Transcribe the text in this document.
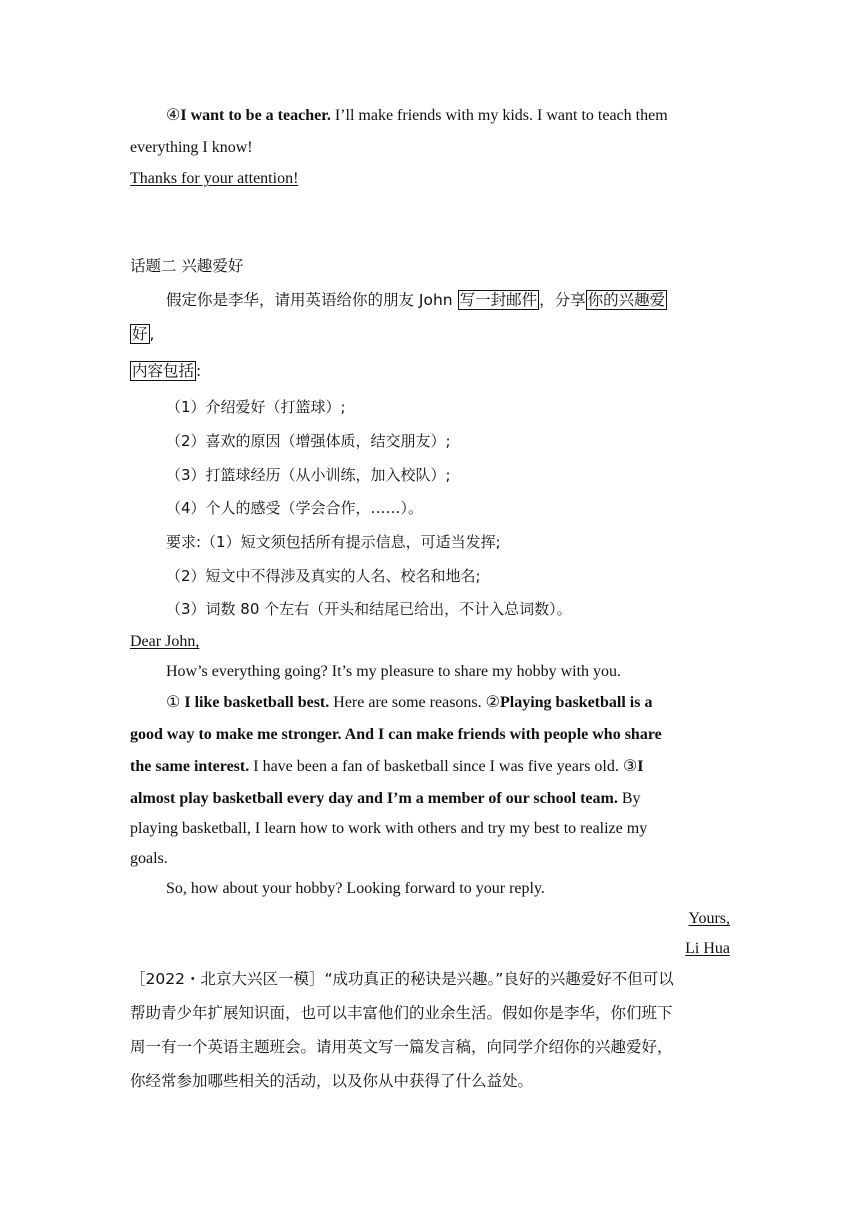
④I want to be a teacher. I’ll make friends with my kids. I want to teach them
everything I know!
Thanks for your attention!
话题二 兴趣爱好
假定你是李华，请用英语给你的朋友 John 写一封邮件 ，分享 你的兴趣爱
好 ,
内容包括 :
（1）介绍爱好（打篮球）;
（2）喜欢的原因（增强体质，结交朋友）;
（3）打篮球经历（从小训练，加入校队）;
（4）个人的感受（学会合作，……）。
要求:（1）短文须包括所有提示信息，可适当发挥;
（2）短文中不得涉及真实的人名、校名和地名;
（3）词数 80 个左右（开头和结尾已给出，不计入总词数）。
Dear John,
How’s everything going? It’s my pleasure to share my hobby with you.
① I like basketball best. Here are some reasons. ②Playing basketball is a
good way to make me stronger. And I can make friends with people who share
the same interest. I have been a fan of basketball since I was five years old. ③I
almost play basketball every day and I’m a member of our school team. By
playing basketball, I learn how to work with others and try my best to realize my
goals.
So, how about your hobby? Looking forward to your reply.
Yours,
Li Hua
［2022・北京大兴区一模］“成功真正的秘诀是兴趣。”良好的兴趣爱好不但可以
帮助青少年扩展知识面，也可以丰富他们的业余生活。假如你是李华，你们班下
周一有一个英语主题班会。请用英文写一篇发言稿，向同学介绍你的兴趣爱好，
你经常参加哪些相关的活动，以及你从中获得了什么益处。
